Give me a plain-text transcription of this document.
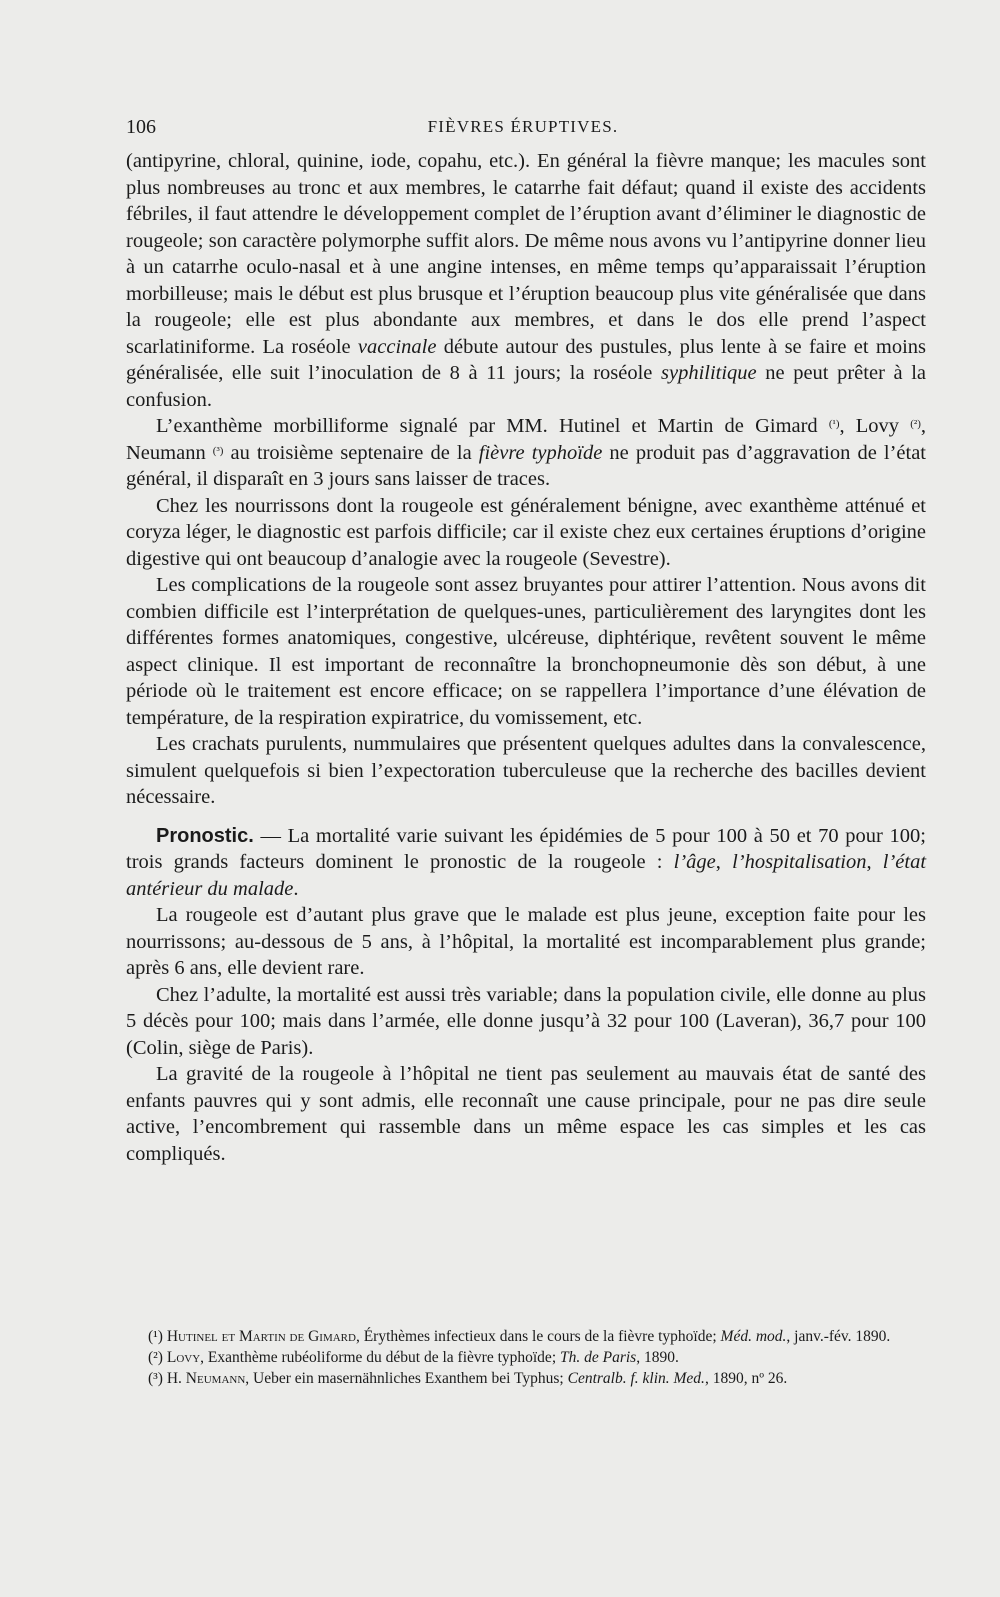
106	FIÈVRES ÉRUPTIVES.

(antipyrine, chloral, quinine, iode, copahu, etc.). En général la fièvre manque; les macules sont plus nombreuses au tronc et aux membres, le catarrhe fait défaut; quand il existe des accidents fébriles, il faut attendre le développement complet de l’éruption avant d’éliminer le diagnostic de rougeole; son caractère polymorphe suffit alors. De même nous avons vu l’antipyrine donner lieu à un catarrhe oculo-nasal et à une angine intenses, en même temps qu’apparaissait l’éruption morbilleuse; mais le début est plus brusque et l’éruption beaucoup plus vite généralisée que dans la rougeole; elle est plus abondante aux membres, et dans le dos elle prend l’aspect scarlatiniforme. La roséole vaccinale débute autour des pustules, plus lente à se faire et moins généralisée, elle suit l’inoculation de 8 à 11 jours; la roséole syphilitique ne peut prêter à la confusion.

L’exanthème morbilliforme signalé par MM. Hutinel et Martin de Gimard $^{(^1)}$, Lovy $^{(^2)}$, Neumann $^{(^3)}$ au troisième septenaire de la fièvre typhoïde ne produit pas d’aggravation de l’état général, il disparaît en 3 jours sans laisser de traces.

Chez les nourrissons dont la rougeole est généralement bénigne, avec exanthème atténué et coryza léger, le diagnostic est parfois difficile; car il existe chez eux certaines éruptions d’origine digestive qui ont beaucoup d’analogie avec la rougeole (Sevestre).

Les complications de la rougeole sont assez bruyantes pour attirer l’attention. Nous avons dit combien difficile est l’interprétation de quelques-unes, particulièrement des laryngites dont les différentes formes anatomiques, congestive, ulcéreuse, diphtérique, revêtent souvent le même aspect clinique. Il est important de reconnaître la bronchopneumonie dès son début, à une période où le traitement est encore efficace; on se rappellera l’importance d’une élévation de température, de la respiration expiratrice, du vomissement, etc.

Les crachats purulents, nummulaires que présentent quelques adultes dans la convalescence, simulent quelquefois si bien l’expectoration tuberculeuse que la recherche des bacilles devient nécessaire.

Pronostic. — La mortalité varie suivant les épidémies de 5 pour 100 à 50 et 70 pour 100; trois grands facteurs dominent le pronostic de la rougeole : l’âge, l’hospitalisation, l’état antérieur du malade.

La rougeole est d’autant plus grave que le malade est plus jeune, exception faite pour les nourrissons; au-dessous de 5 ans, à l’hôpital, la mortalité est incomparablement plus grande; après 6 ans, elle devient rare.

Chez l’adulte, la mortalité est aussi très variable; dans la population civile, elle donne au plus 5 décès pour 100; mais dans l’armée, elle donne jusqu’à 32 pour 100 (Laveran), 36,7 pour 100 (Colin, siège de Paris).

La gravité de la rougeole à l’hôpital ne tient pas seulement au mauvais état de santé des enfants pauvres qui y sont admis, elle reconnaît une cause principale, pour ne pas dire seule active, l’encombrement qui rassemble dans un même espace les cas simples et les cas compliqués.

(¹) Hutinel et Martin de Gimard, Érythèmes infectieux dans le cours de la fièvre typhoïde; Méd. mod., janv.-fév. 1890.

(²) Lovy, Exanthème rubéoliforme du début de la fièvre typhoïde; Th. de Paris, 1890.

(³) H. Neumann, Ueber ein masernähnliches Exanthem bei Typhus; Centralb. f. klin. Med., 1890, nº 26.
